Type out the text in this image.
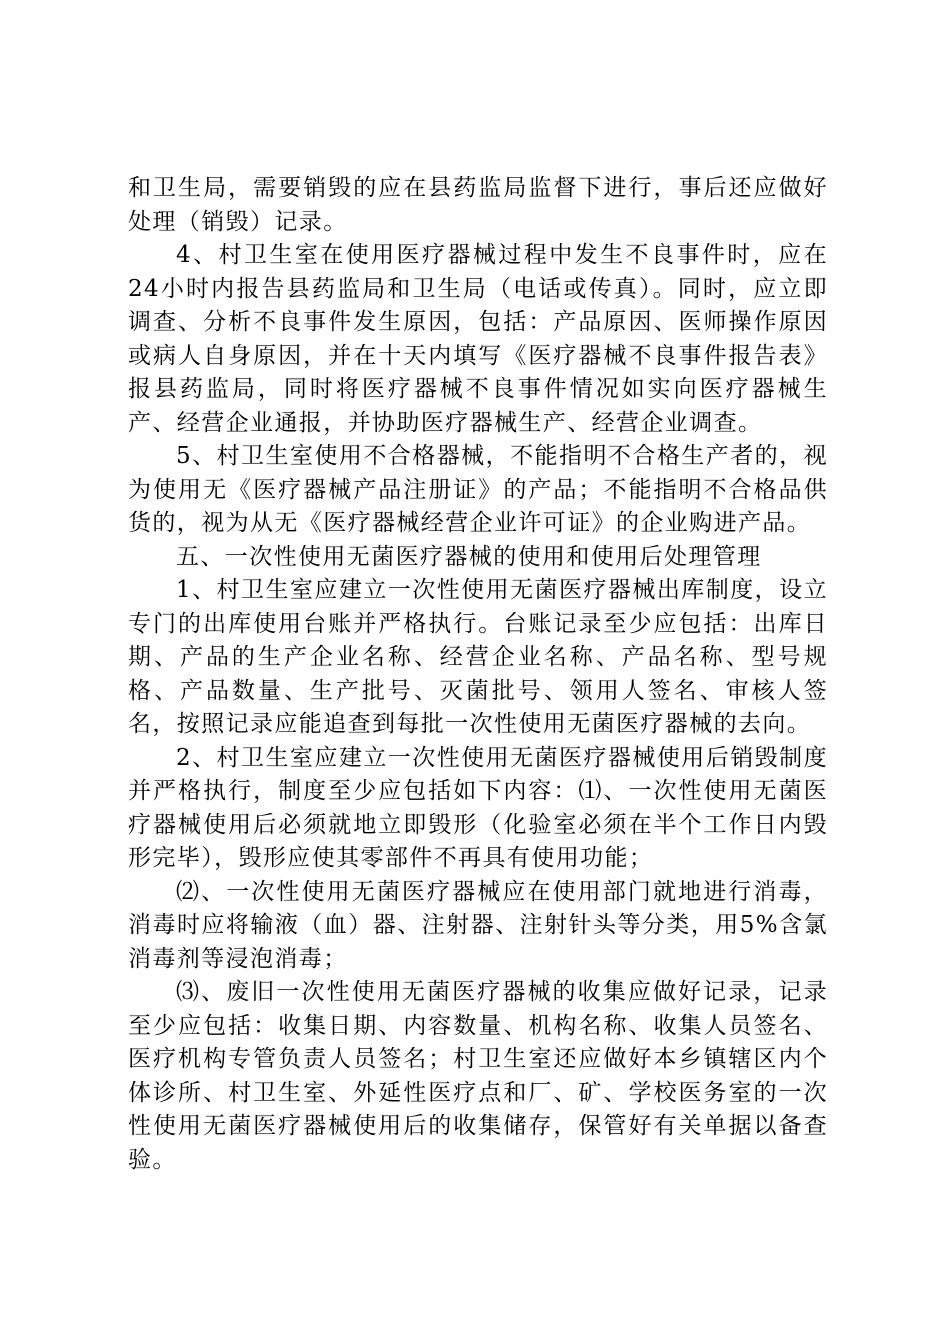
和卫生局，需要销毁的应在县药监局监督下进行，事后还应做好处理（销毁）记录。

4、村卫生室在使用医疗器械过程中发生不良事件时，应在24小时内报告县药监局和卫生局（电话或传真）。同时，应立即调查、分析不良事件发生原因，包括：产品原因、医师操作原因或病人自身原因，并在十天内填写《医疗器械不良事件报告表》报县药监局，同时将医疗器械不良事件情况如实向医疗器械生产、经营企业通报，并协助医疗器械生产、经营企业调查。

5、村卫生室使用不合格器械，不能指明不合格生产者的，视为使用无《医疗器械产品注册证》的产品；不能指明不合格品供货的，视为从无《医疗器械经营企业许可证》的企业购进产品。

五、一次性使用无菌医疗器械的使用和使用后处理管理

1、村卫生室应建立一次性使用无菌医疗器械出库制度，设立专门的出库使用台账并严格执行。台账记录至少应包括：出库日期、产品的生产企业名称、经营企业名称、产品名称、型号规格、产品数量、生产批号、灭菌批号、领用人签名、审核人签名，按照记录应能追查到每批一次性使用无菌医疗器械的去向。

2、村卫生室应建立一次性使用无菌医疗器械使用后销毁制度并严格执行，制度至少应包括如下内容：⑴、一次性使用无菌医疗器械使用后必须就地立即毁形（化验室必须在半个工作日内毁形完毕），毁形应使其零部件不再具有使用功能；

⑵、一次性使用无菌医疗器械应在使用部门就地进行消毒，消毒时应将输液（血）器、注射器、注射针头等分类，用5%含氯消毒剂等浸泡消毒；

⑶、废旧一次性使用无菌医疗器械的收集应做好记录，记录至少应包括：收集日期、内容数量、机构名称、收集人员签名、医疗机构专管负责人员签名；村卫生室还应做好本乡镇辖区内个体诊所、村卫生室、外延性医疗点和厂、矿、学校医务室的一次性使用无菌医疗器械使用后的收集储存，保管好有关单据以备查验。
